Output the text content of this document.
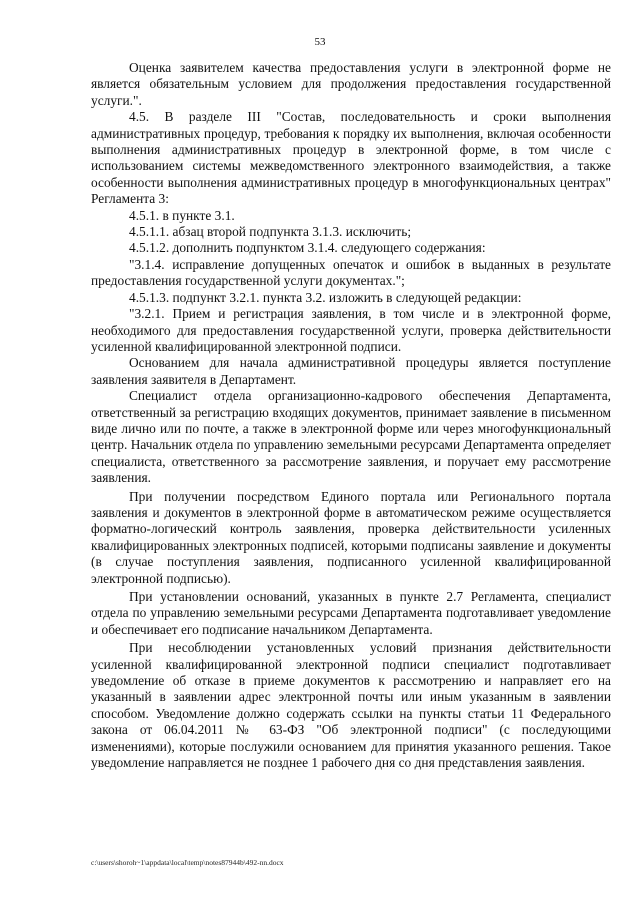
53

Оценка заявителем качества предоставления услуги в электронной форме не является обязательным условием для продолжения предоставления государственной услуги.".

4.5. В разделе III "Состав, последовательность и сроки выполнения административных процедур, требования к порядку их выполнения, включая особенности выполнения административных процедур в электронной форме, в том числе с использованием системы межведомственного электронного взаимодействия, а также особенности выполнения административных процедур в многофункциональных центрах" Регламента 3:

4.5.1. в пункте 3.1.

4.5.1.1. абзац второй подпункта 3.1.3. исключить;

4.5.1.2. дополнить подпунктом 3.1.4. следующего содержания:

"3.1.4. исправление допущенных опечаток и ошибок в выданных в результате предоставления государственной услуги документах.";

4.5.1.3. подпункт 3.2.1. пункта 3.2. изложить в следующей редакции:

"3.2.1. Прием и регистрация заявления, в том числе и в электронной форме, необходимого для предоставления государственной услуги, проверка действительности усиленной квалифицированной электронной подписи.

Основанием для начала административной процедуры является поступление заявления заявителя в Департамент.

Специалист отдела организационно-кадрового обеспечения Департамента, ответственный за регистрацию входящих документов, принимает заявление в письменном виде лично или по почте, а также в электронной форме или через многофункциональный центр. Начальник отдела по управлению земельными ресурсами Департамента определяет специалиста, ответственного за рассмотрение заявления, и поручает ему рассмотрение заявления.

При получении посредством Единого портала или Регионального портала заявления и документов в электронной форме в автоматическом режиме осуществляется форматно-логический контроль заявления, проверка действительности усиленных квалифицированных электронных подписей, которыми подписаны заявление и документы (в случае поступления заявления, подписанного усиленной квалифицированной электронной подписью).

При установлении оснований, указанных в пункте 2.7 Регламента, специалист отдела по управлению земельными ресурсами Департамента подготавливает уведомление и обеспечивает его подписание начальником Департамента.

При несоблюдении установленных условий признания действительности усиленной квалифицированной электронной подписи специалист подготавливает уведомление об отказе в приеме документов к рассмотрению и направляет его на указанный в заявлении адрес электронной почты или иным указанным в заявлении способом. Уведомление должно содержать ссылки на пункты статьи 11 Федерального закона от 06.04.2011 № 63-ФЗ "Об электронной подписи" (с последующими изменениями), которые послужили основанием для принятия указанного решения. Такое уведомление направляется не позднее 1 рабочего дня со дня представления заявления.

c:\users\shoroh~1\appdata\local\temp\notes87944b\492-nn.docx
